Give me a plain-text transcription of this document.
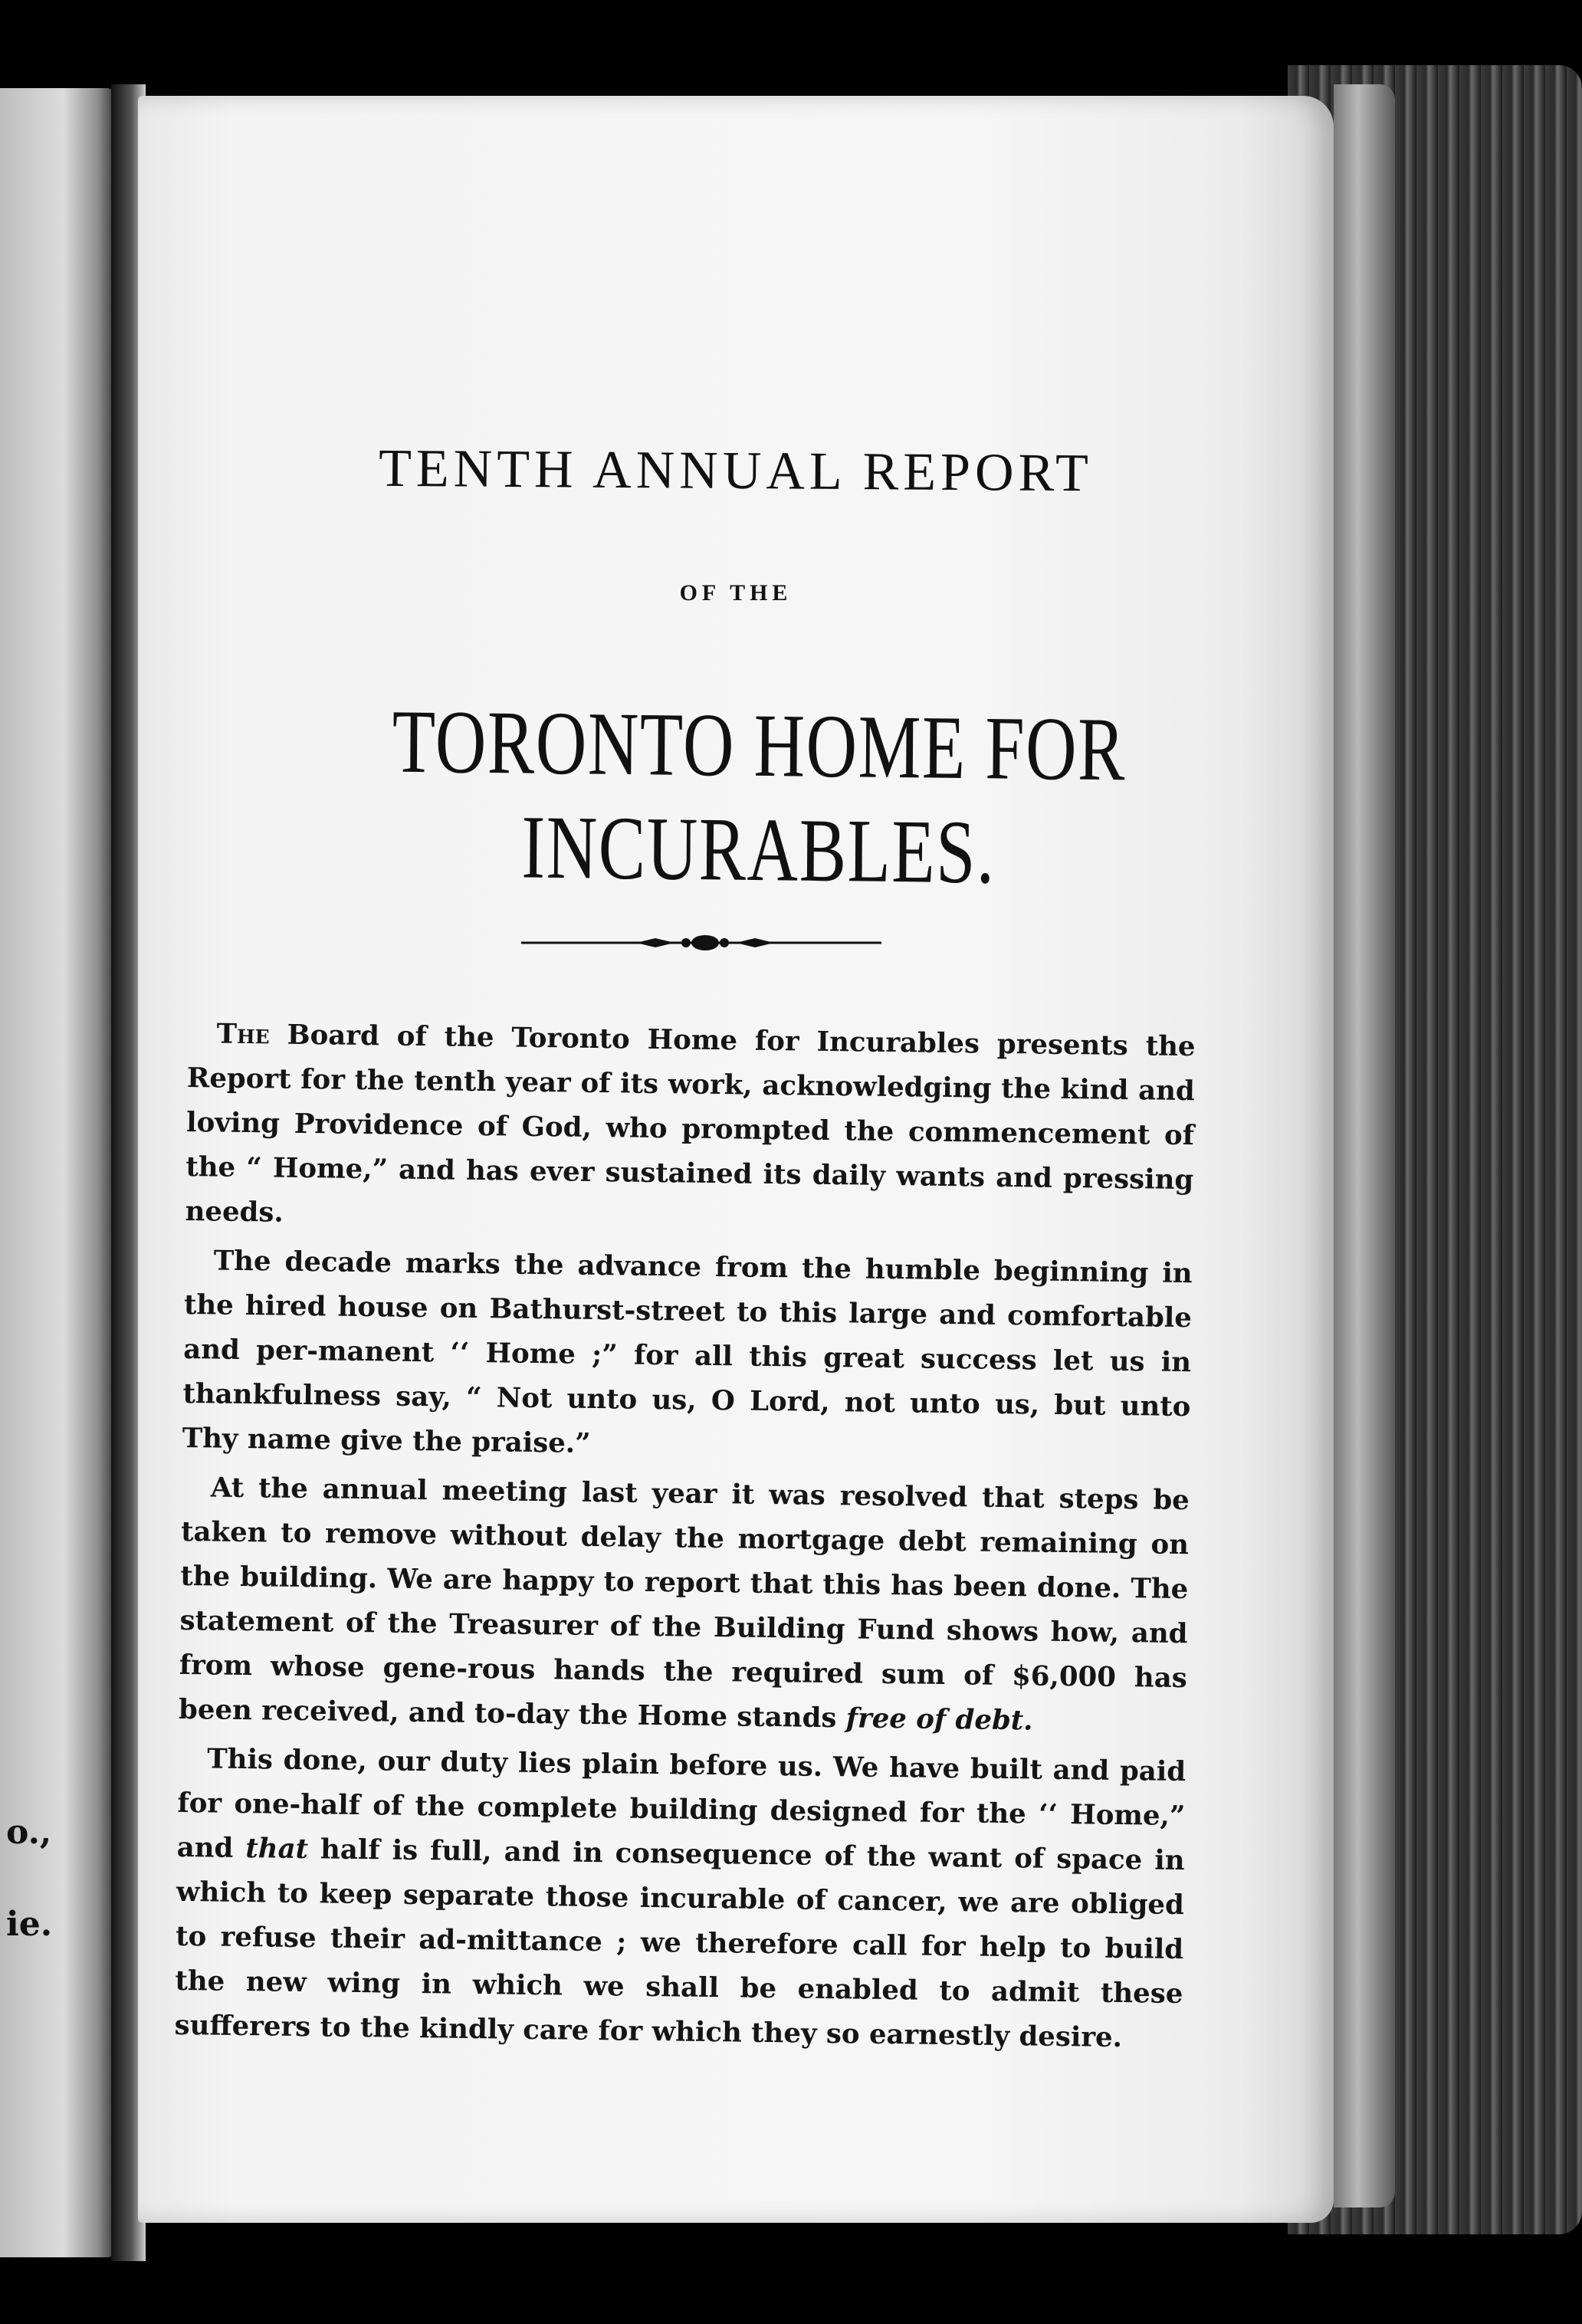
o.,
ie.
TENTH ANNUAL REPORT
OF THE
TORONTO HOME FOR INCURABLES.

The Board of the Toronto Home for Incurables presents the Report for the tenth year of its work, acknowledging the kind and loving Providence of God, who prompted the commencement of the “ Home,” and has ever sustained its daily wants and pressing needs.

The decade marks the advance from the humble beginning in the hired house on Bathurst-street to this large and comfortable and per-manent ‘‘ Home ;” for all this great success let us in thankfulness say, “ Not unto us, O Lord, not unto us, but unto Thy name give the praise.”

At the annual meeting last year it was resolved that steps be taken to remove without delay the mortgage debt remaining on the building. We are happy to report that this has been done. The statement of the Treasurer of the Building Fund shows how, and from whose gene-rous hands the required sum of $6,000 has been received, and to-day the Home stands free of debt.

This done, our duty lies plain before us. We have built and paid for one-half of the complete building designed for the ‘‘ Home,” and that half is full, and in consequence of the want of space in which to keep separate those incurable of cancer, we are obliged to refuse their ad-mittance ; we therefore call for help to build the new wing in which we shall be enabled to admit these sufferers to the kindly care for which they so earnestly desire.
